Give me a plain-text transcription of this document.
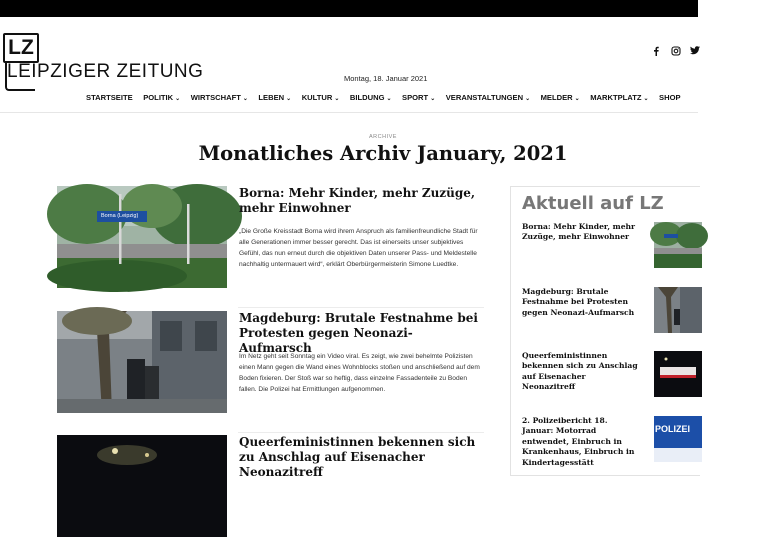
LZ
LEIPZIGER ZEITUNG	Montag, 18. Januar 2021
STARTSEITE POLITIK ⌄ WIRTSCHAFT ⌄ LEBEN ⌄ KULTUR ⌄ BILDUNG ⌄ SPORT ⌄ VERANSTALTUNGEN ⌄ MELDER ⌄ MARKTPLATZ ⌄ SHOP
ARCHIVE
Monatliches Archiv January, 2021
Borna (Leipzig)
Borna: Mehr Kinder, mehr Zuzüge, mehr Einwohner

„Die Große Kreisstadt Borna wird ihrem Anspruch als familienfreundliche Stadt für alle Generationen immer besser gerecht. Das ist einerseits unser subjektives Gefühl, das nun erneut durch die objektiven Daten unserer Pass- und Meldestelle nachhaltig untermauert wird“, erklärt Oberbürgermeisterin Simone Luedtke.

Magdeburg: Brutale Festnahme bei Protesten gegen Neonazi-Aufmarsch

Im Netz geht seit Sonntag ein Video viral. Es zeigt, wie zwei behelmte Polizisten einen Mann gegen die Wand eines Wohnblocks stoßen und anschließend auf dem Boden fixieren. Der Stoß war so heftig, dass einzelne Fassadenteile zu Boden fallen. Die Polizei hat Ermittlungen aufgenommen.

Queerfeministinnen bekennen sich zu Anschlag auf Eisenacher Neonazitreff
Aktuell auf LZ
Borna: Mehr Kinder, mehr Zuzüge, mehr Einwohner
Magdeburg: Brutale Festnahme bei Protesten gegen Neonazi-Aufmarsch
Queerfeministinnen bekennen sich zu Anschlag auf Eisenacher Neonazitreff
2. Polizeibericht 18. Januar: Motorrad entwendet, Einbruch in Krankenhaus, Einbruch in Kindertagesstätt
POLIZEI
